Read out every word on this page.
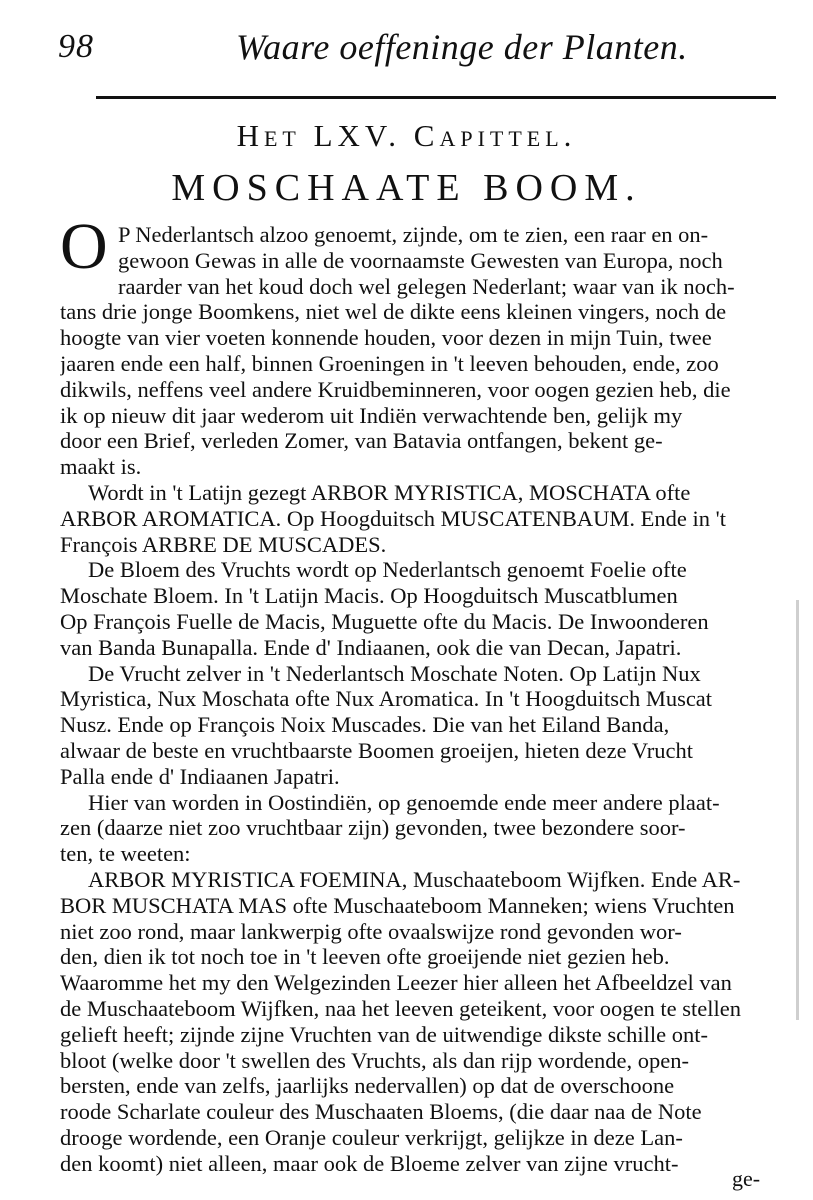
98	Waare oeffeninge der Planten.
Het LXV. Capittel.
MOSCHAATE BOOM.
O P Nederlantsch alzoo genoemt, zijnde, om te zien, een raar en on-
gewoon Gewas in alle de voornaamste Gewesten van Europa, noch
raarder van het koud doch wel gelegen Nederlant; waar van ik noch-
tans drie jonge Boomkens, niet wel de dikte eens kleinen vingers, noch de
hoogte van vier voeten konnende houden, voor dezen in mijn Tuin, twee
jaaren ende een half, binnen Groeningen in 't leeven behouden, ende, zoo
dikwils, neffens veel andere Kruidbeminneren, voor oogen gezien heb, die
ik op nieuw dit jaar wederom uit Indiën verwachtende ben, gelijk my
door een Brief, verleden Zomer, van Batavia ontfangen, bekent ge-
maakt is.
Wordt in 't Latijn gezegt ARBOR MYRISTICA, MOSCHATA ofte
ARBOR AROMATICA. Op Hoogduitsch MUSCATENBAUM. Ende in 't
François ARBRE DE MUSCADES.
De Bloem des Vruchts wordt op Nederlantsch genoemt Foelie ofte
Moschate Bloem. In 't Latijn Macis. Op Hoogduitsch Muscatblumen
Op François Fuelle de Macis, Muguette ofte du Macis. De Inwoonderen
van Banda Bunapalla. Ende d' Indiaanen, ook die van Decan, Japatri.
De Vrucht zelver in 't Nederlantsch Moschate Noten. Op Latijn Nux
Myristica, Nux Moschata ofte Nux Aromatica. In 't Hoogduitsch Muscat
Nusz. Ende op François Noix Muscades. Die van het Eiland Banda,
alwaar de beste en vruchtbaarste Boomen groeijen, hieten deze Vrucht
Palla ende d' Indiaanen Japatri.
Hier van worden in Oostindiën, op genoemde ende meer andere plaat-
zen (daarze niet zoo vruchtbaar zijn) gevonden, twee bezondere soor-
ten, te weeten:
ARBOR MYRISTICA FOEMINA, Muschaateboom Wijfken. Ende AR-
BOR MUSCHATA MAS ofte Muschaateboom Manneken; wiens Vruchten
niet zoo rond, maar lankwerpig ofte ovaalswijze rond gevonden wor-
den, dien ik tot noch toe in 't leeven ofte groeijende niet gezien heb.
Waaromme het my den Welgezinden Leezer hier alleen het Afbeeldzel van
de Muschaateboom Wijfken, naa het leeven geteikent, voor oogen te stellen
gelieft heeft; zijnde zijne Vruchten van de uitwendige dikste schille ont-
bloot (welke door 't swellen des Vruchts, als dan rijp wordende, open-
bersten, ende van zelfs, jaarlijks nedervallen) op dat de overschoone
roode Scharlate couleur des Muschaaten Bloems, (die daar naa de Note
drooge wordende, een Oranje couleur verkrijgt, gelijkze in deze Lan-
den koomt) niet alleen, maar ook de Bloeme zelver van zijne vrucht-
ge-
